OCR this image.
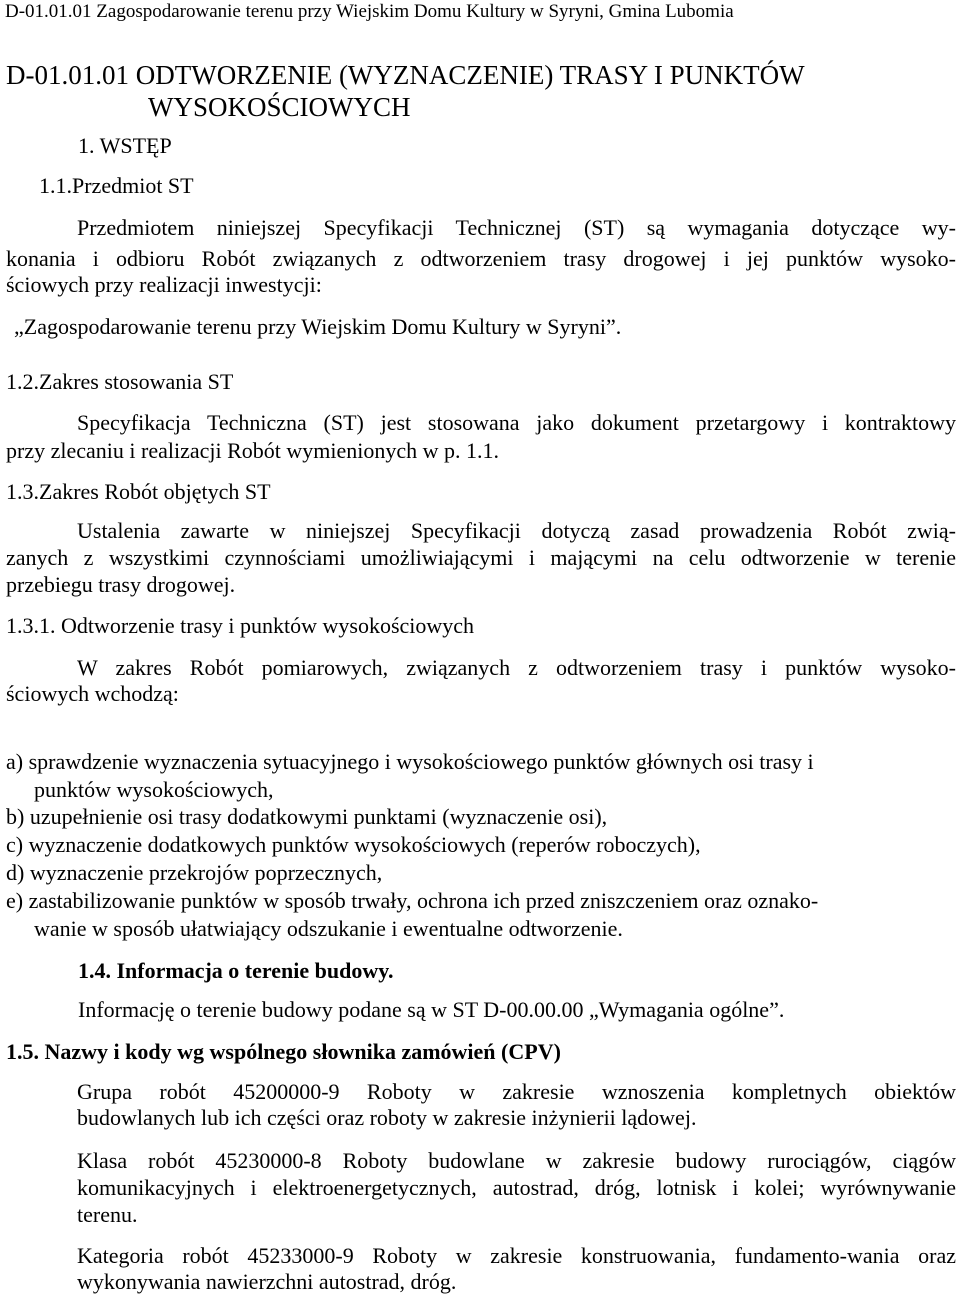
D-01.01.01 Zagospodarowanie terenu przy Wiejskim Domu Kultury w Syryni, Gmina Lubomia
D-01.01.01 ODTWORZENIE (WYZNACZENIE) TRASY I PUNKTÓW
WYSOKOŚCIOWYCH
1. WSTĘP
1.1.Przedmiot ST
Przedmiotem niniejszej Specyfikacji Technicznej (ST) są wymagania dotyczące wy-
konania i odbioru Robót związanych z odtworzeniem trasy drogowej i jej punktów wysoko-
ściowych przy realizacji inwestycji:
„Zagospodarowanie terenu przy Wiejskim Domu Kultury w Syryni”.
1.2.Zakres stosowania ST
Specyfikacja Techniczna (ST) jest stosowana jako dokument przetargowy i kontraktowy
przy zlecaniu i realizacji Robót wymienionych w p. 1.1.
1.3.Zakres Robót objętych ST
Ustalenia zawarte w niniejszej Specyfikacji dotyczą zasad prowadzenia Robót zwią-
zanych z wszystkimi czynnościami umożliwiającymi i mającymi na celu odtworzenie w terenie
przebiegu trasy drogowej.
1.3.1. Odtworzenie trasy i punktów wysokościowych
W zakres Robót pomiarowych, związanych z odtworzeniem trasy i punktów wysoko-
ściowych wchodzą:
a) sprawdzenie wyznaczenia sytuacyjnego i wysokościowego punktów głównych osi trasy i
punktów wysokościowych,
b) uzupełnienie osi trasy dodatkowymi punktami (wyznaczenie osi),
c) wyznaczenie dodatkowych punktów wysokościowych (reperów roboczych),
d) wyznaczenie przekrojów poprzecznych,
e) zastabilizowanie punktów w sposób trwały, ochrona ich przed zniszczeniem oraz oznako-
wanie w sposób ułatwiający odszukanie i ewentualne odtworzenie.
1.4. Informacja o terenie budowy.
Informację o terenie budowy podane są w ST D-00.00.00 „Wymagania ogólne”.
1.5. Nazwy i kody wg wspólnego słownika zamówień (CPV)
Grupa robót 45200000-9 Roboty w zakresie wznoszenia kompletnych obiektów
budowlanych lub ich części oraz roboty w zakresie inżynierii lądowej.
Klasa robót 45230000-8 Roboty budowlane w zakresie budowy rurociągów, ciągów
komunikacyjnych i elektroenergetycznych, autostrad, dróg, lotnisk i kolei; wyrównywanie
terenu.
Kategoria robót 45233000-9 Roboty w zakresie konstruowania, fundamento-wania oraz
wykonywania nawierzchni autostrad, dróg.
